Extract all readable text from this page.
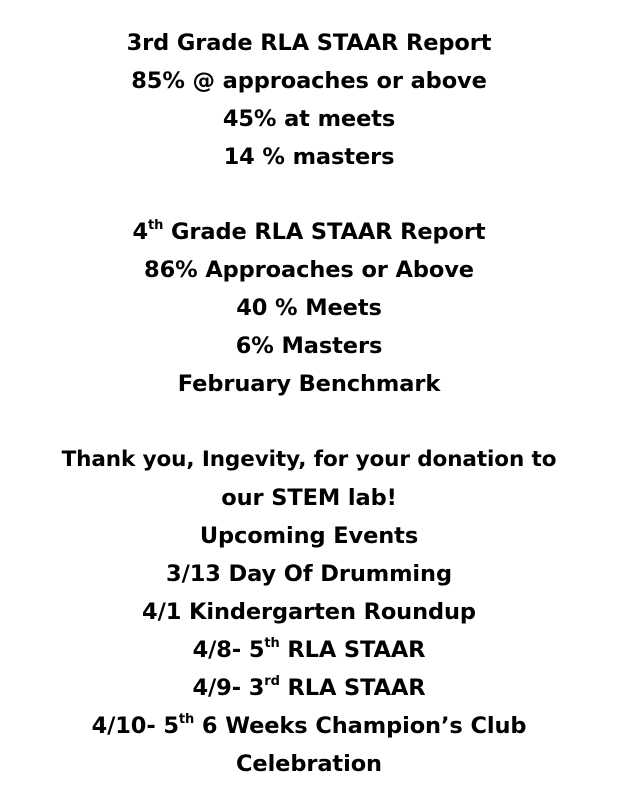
3rd Grade RLA STAAR Report
85% @ approaches or above
45% at meets
14 % masters
4th Grade RLA STAAR Report
86% Approaches or Above
40 % Meets
6% Masters
February Benchmark
Thank you, Ingevity, for your donation to
our STEM lab!
Upcoming Events
3/13 Day Of Drumming
4/1 Kindergarten Roundup
4/8- 5th RLA STAAR
4/9- 3rd RLA STAAR
4/10- 5th 6 Weeks Champion’s Club
Celebration
